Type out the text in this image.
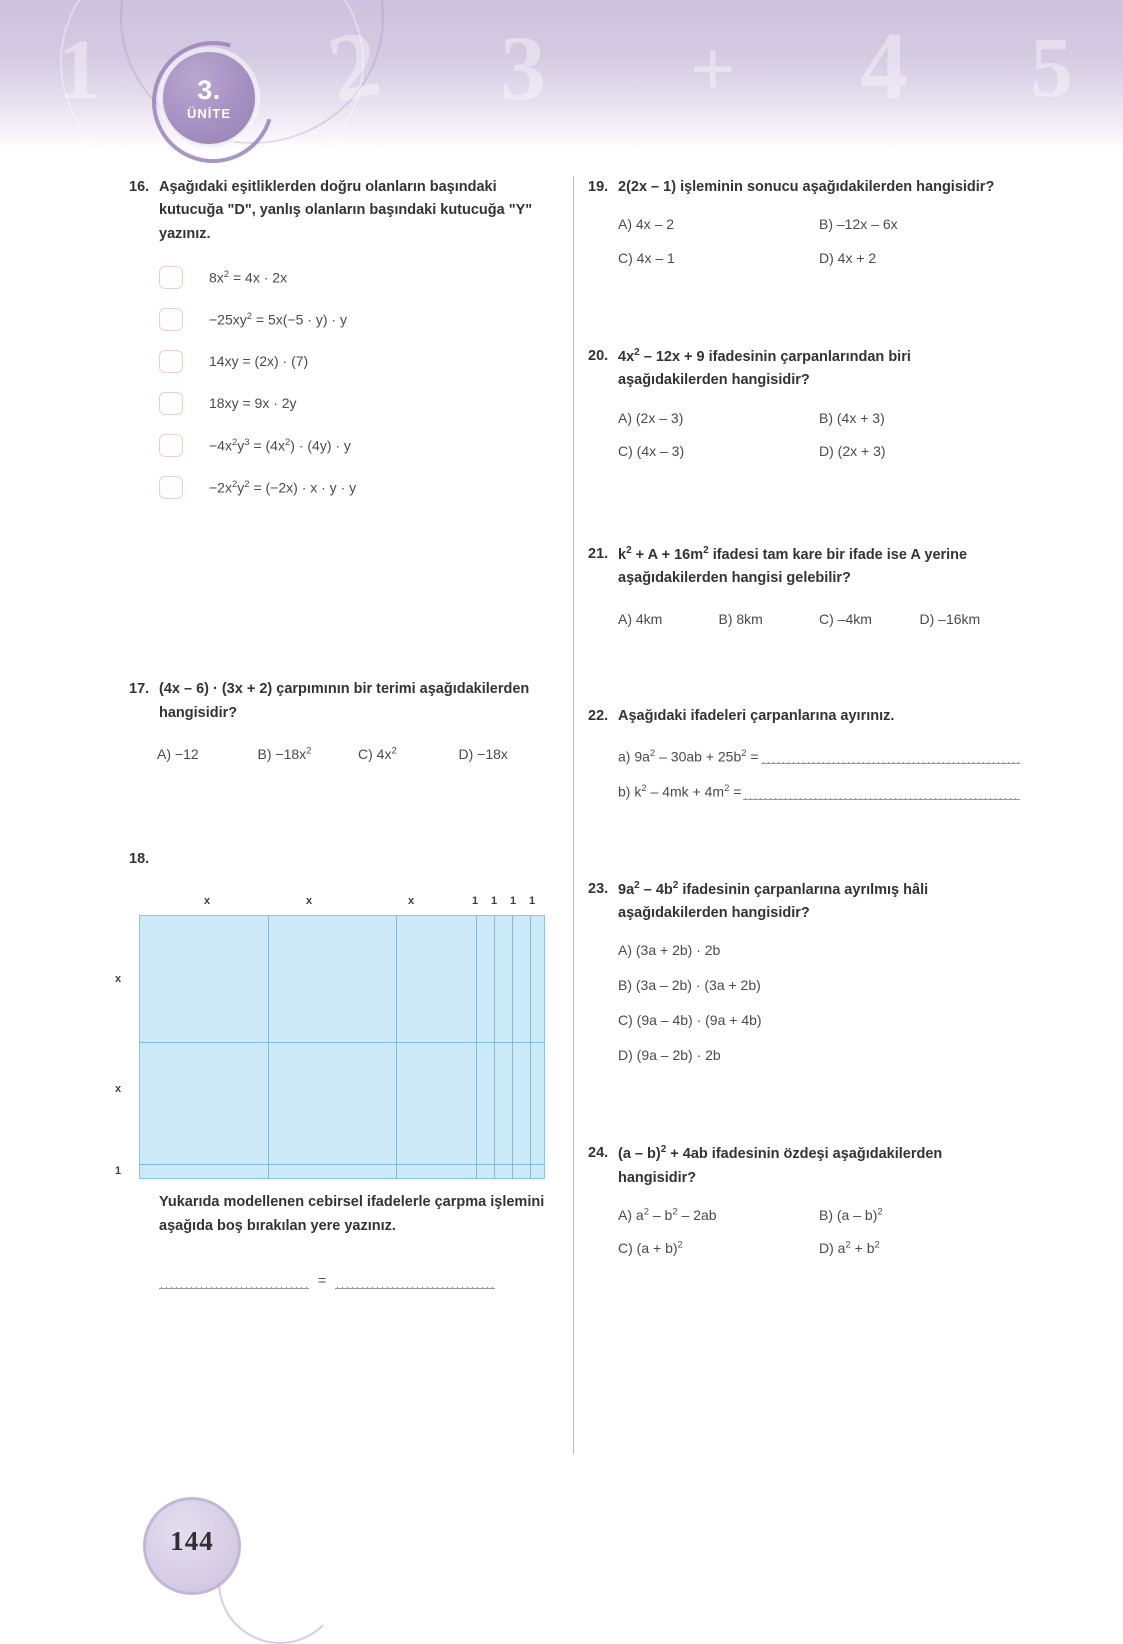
1 2 3 + 4 5
3.
ÜNİTE
16. Aşağıdaki eşitliklerden doğru olanların başındaki kutucuğa "D", yanlış olanların başındaki kutucuğa "Y" yazınız.
$8x^2 = 4x \cdot 2x$
$-25xy^2 = 5x(-5 \cdot y) \cdot y$
14xy = (2x) · (7)
18xy = 9x · 2y
$-4x^2y^3 = (4x^2) \cdot (4y) \cdot y$
$-2x^2y^2 = (-2x) \cdot x \cdot y \cdot y$
17. (4x – 6) · (3x + 2) çarpımının bir terimi aşağıdakilerden hangisidir?
A) −12	$B) -18x^2$	C) $4x^2$	D) −18x
18.
x	x	x	1 1 1 1
x
x
1
Yukarıda modellenen cebirsel ifadelerle çarpma işlemini aşağıda boş bırakılan yere yazınız.
=
19. 2(2x – 1) işleminin sonucu aşağıdakilerden hangisidir?
A) 4x – 2	B) –12x – 6x
C) 4x – 1	D) 4x + 2
20. $4x^2 - 12x + 9$ ifadesinin çarpanlarından biri aşağıdakilerden hangisidir?
A) (2x – 3)	B) (4x + 3)
C) (4x – 3)	D) (2x + 3)
21. $k^2 + A + 16m^2$ ifadesi tam kare bir ifade ise A yerine aşağıdakilerden hangisi gelebilir?
A) 4km	B) 8km	C) –4km	D) –16km
22. Aşağıdaki ifadeleri çarpanlarına ayırınız.
a) $9a^2 - 30ab + 25b^2$ =
b) $k^2 - 4mk + 4m^2$ =
23. $9a^2 - 4b^2$ ifadesinin çarpanlarına ayrılmış hâli aşağıdakilerden hangisidir?
A) (3a + 2b) · 2b
B) (3a – 2b) · (3a + 2b)
C) (9a – 4b) · (9a + 4b)
D) (9a – 2b) · 2b
24. (a – b)$^2$ + 4ab ifadesinin özdeşi aşağıdakilerden hangisidir?
A) $a^2 - b^2 - 2ab$	B) (a – b)$^2$
C) $(a + b)^2$	D) $a^2 + b^2$
144
